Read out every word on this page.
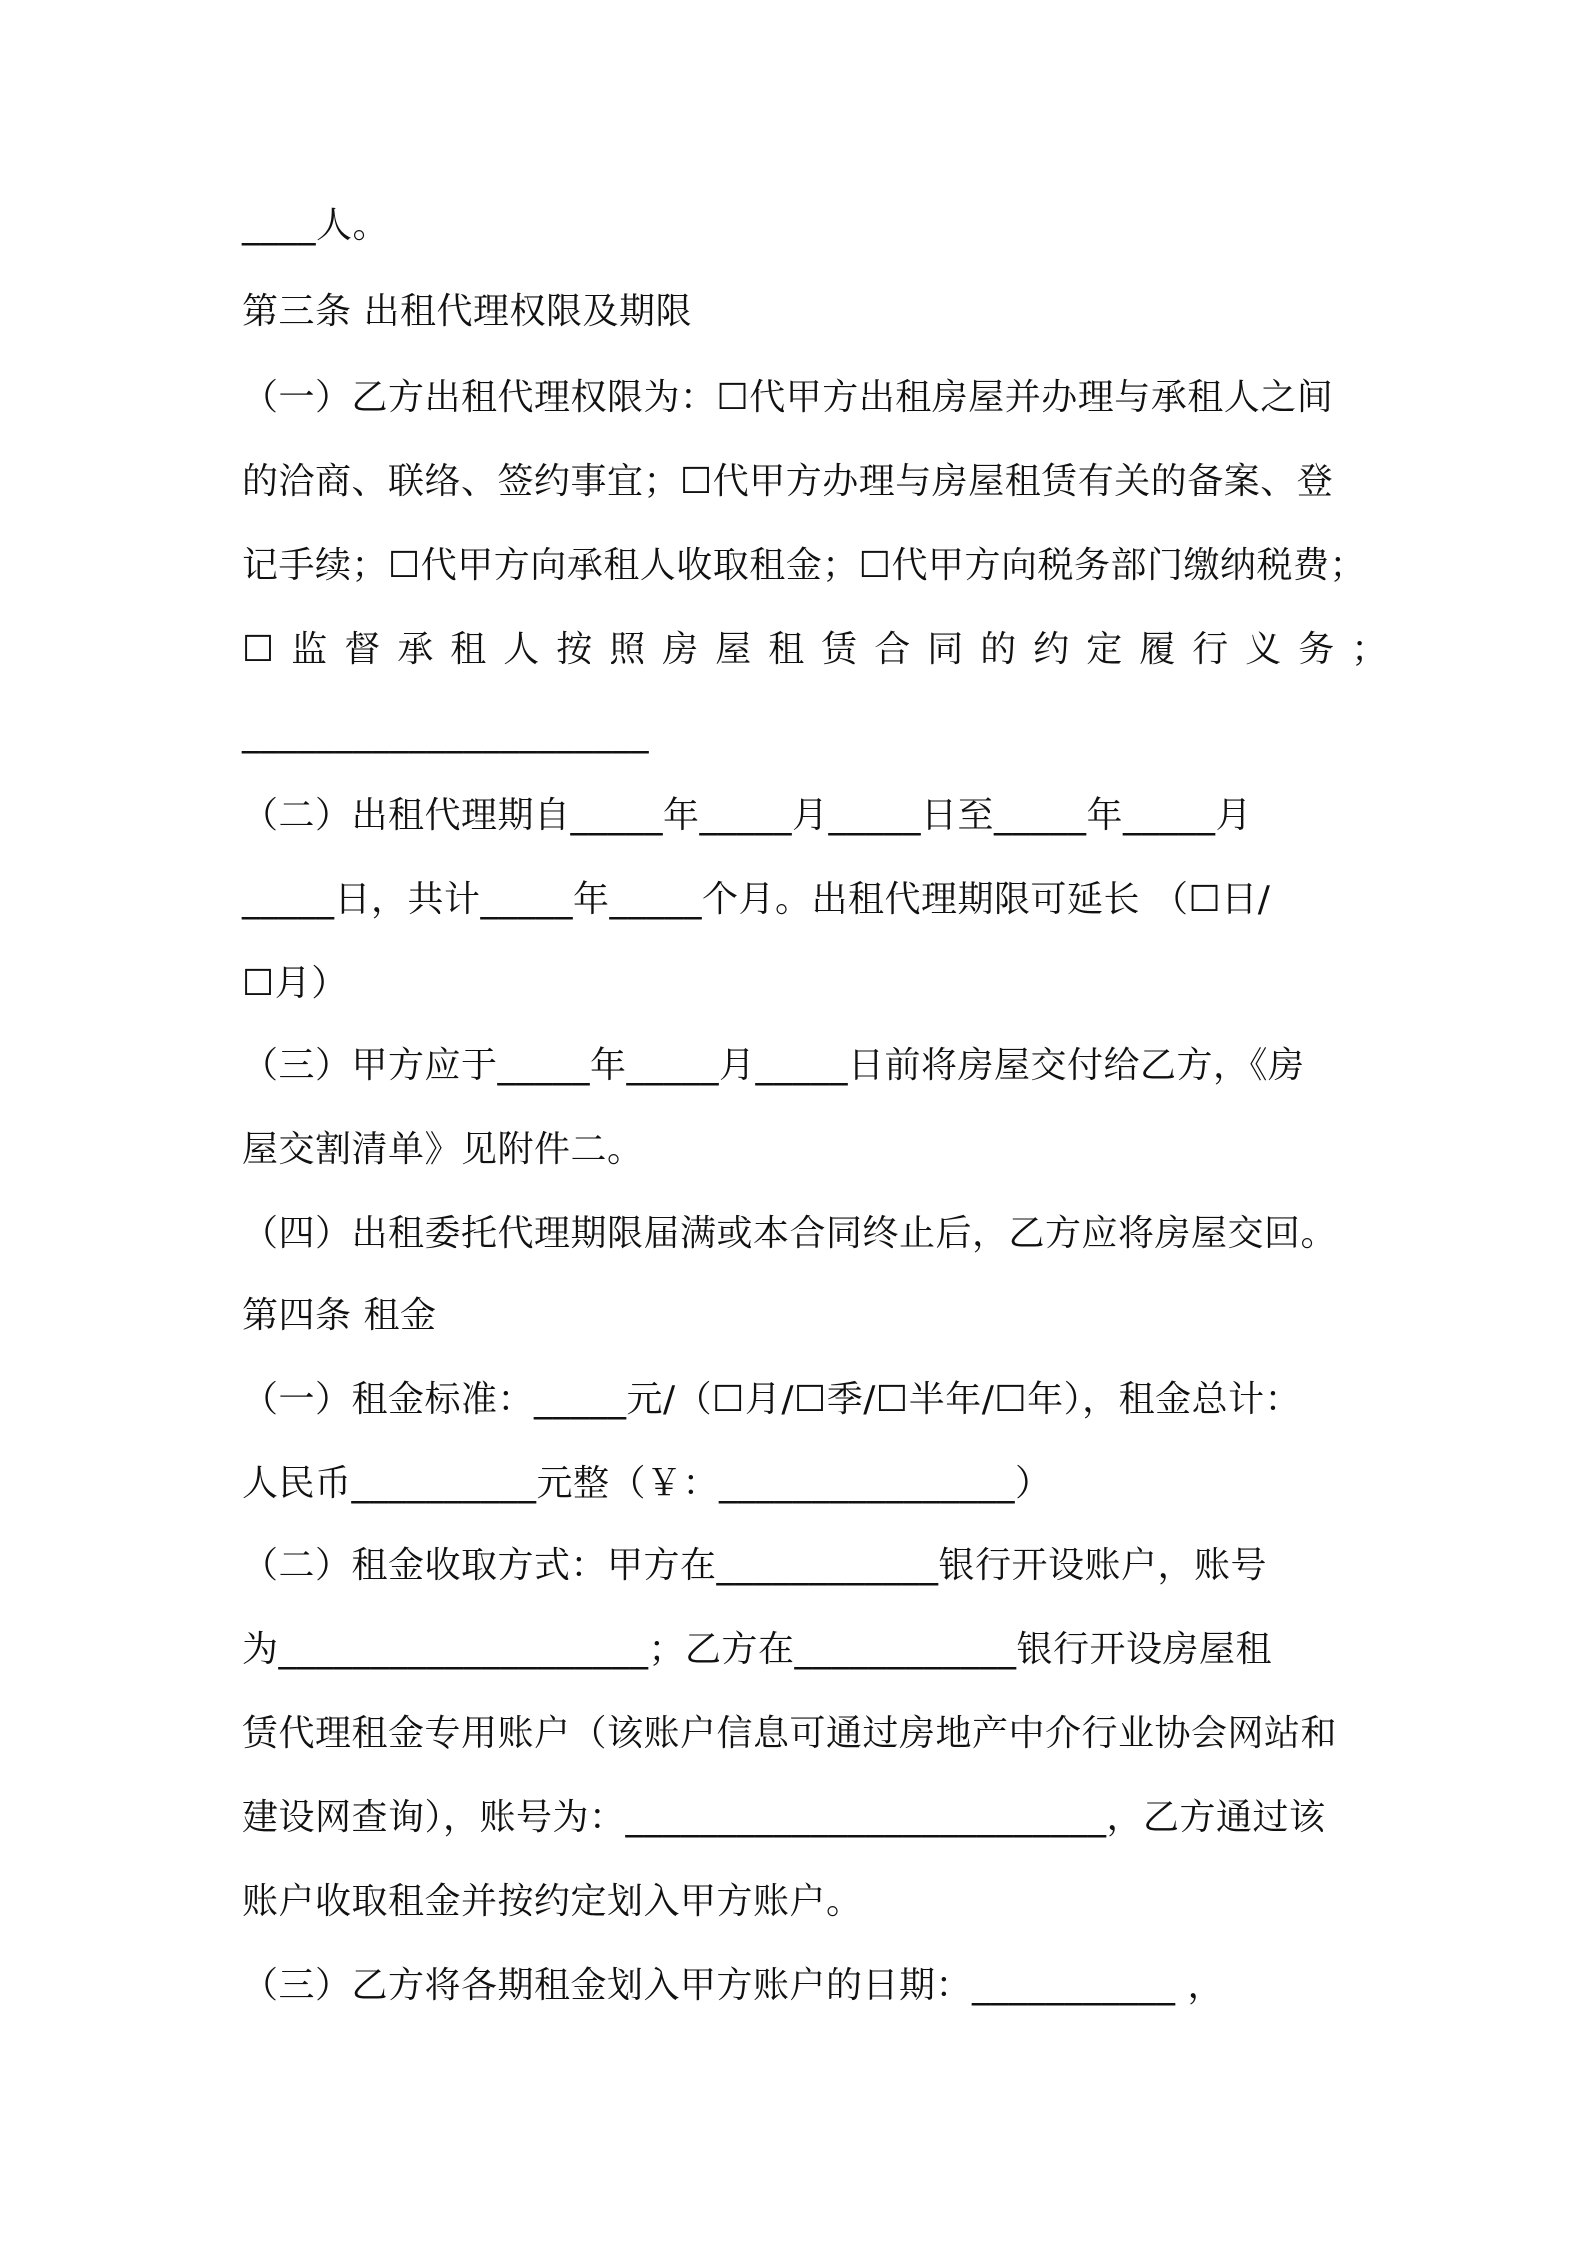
____人。
第三条 出租代理权限及期限
（一）乙方出租代理权限为：☐代甲方出租房屋并办理与承租人之间
的洽商、联络、签约事宜；☐代甲方办理与房屋租赁有关的备案、登
记手续；☐代甲方向承租人收取租金；☐代甲方向税务部门缴纳税费；
☐监督承租人按照房屋租赁合同的约定履行义务；
______________________
（二）出租代理期自_____年_____月_____日至_____年_____月
_____日，共计_____年_____个月。出租代理期限可延长 （☐日/
☐月）
（三）甲方应于_____年_____月_____日前将房屋交付给乙方，《房
屋交割清单》见附件二。
（四）出租委托代理期限届满或本合同终止后，乙方应将房屋交回。
第四条 租金
（一）租金标准：_____元/（☐月/☐季/☐半年/☐年），租金总计：
人民币__________元整（￥：________________）
（二）租金收取方式：甲方在____________银行开设账户，账号
为____________________；乙方在____________银行开设房屋租
赁代理租金专用账户（该账户信息可通过房地产中介行业协会网站和
建设网查询），账号为：__________________________，乙方通过该
账户收取租金并按约定划入甲方账户。
（三）乙方将各期租金划入甲方账户的日期：___________ ，
